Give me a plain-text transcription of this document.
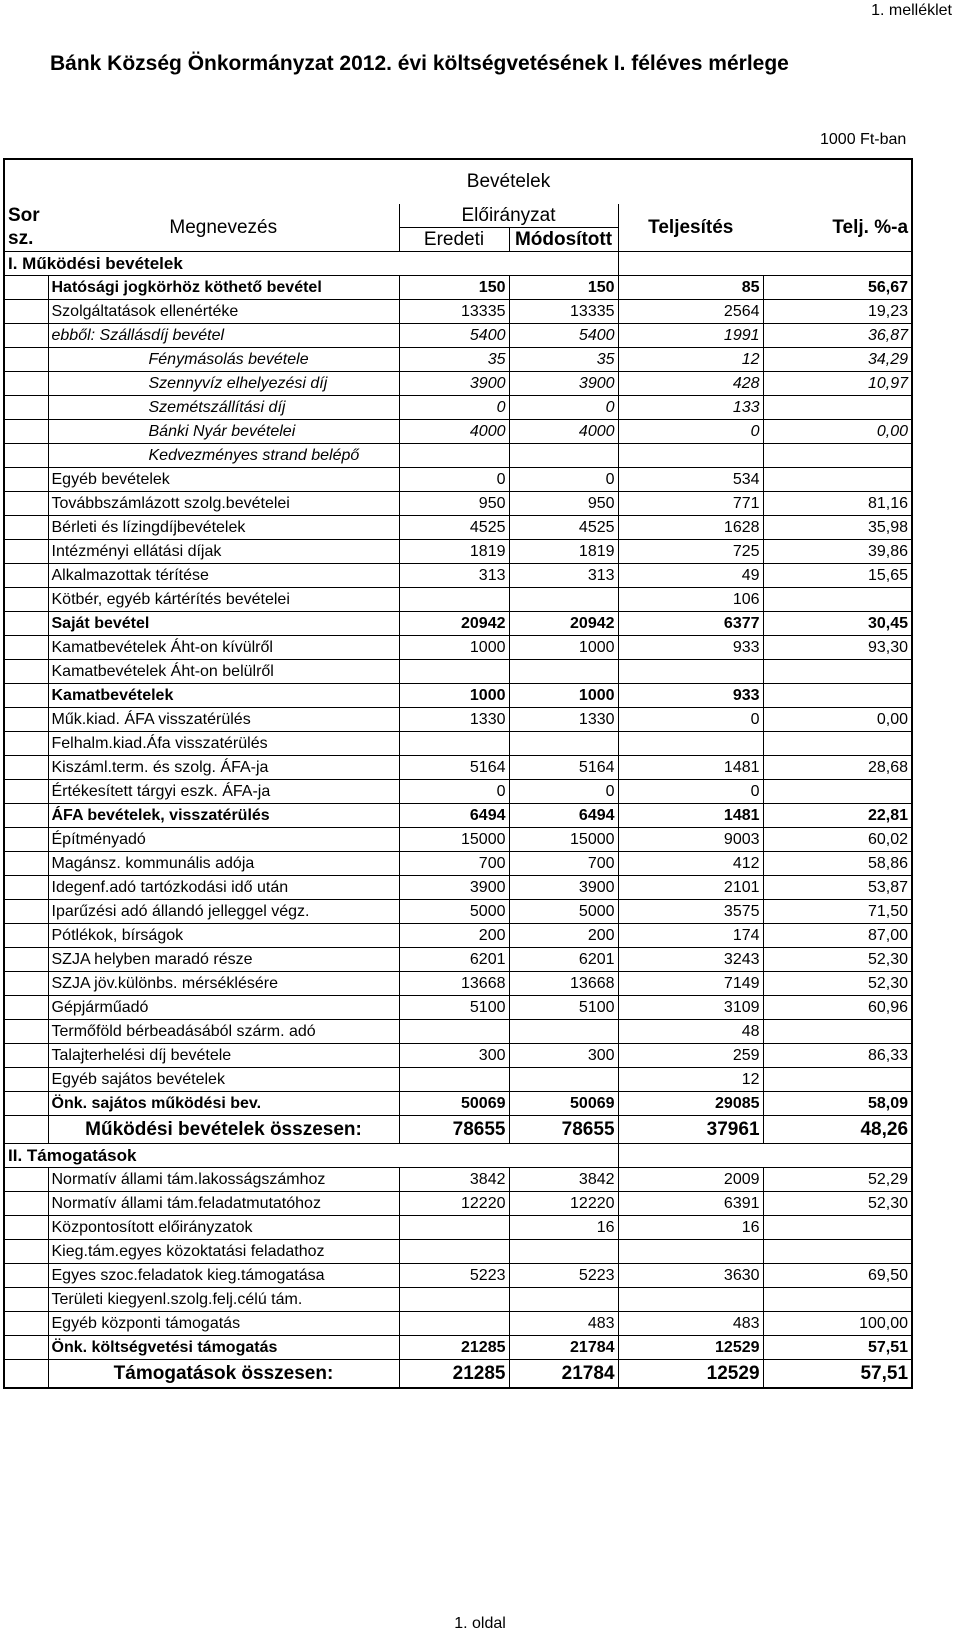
1. melléklet
Bánk Község Önkormányzat 2012. évi költségvetésének I. féléves mérlege
1000 Ft-ban
		Bevételek			
Sor	Megnevezés	Előirányzat		Teljesítés	Telj. %-a
sz.		Eredeti	Módosított		
I. Működési bevételek					
	Hatósági jogkörhöz köthető bevétel	150	150	85	56,67
	Szolgáltatások ellenértéke	13335	13335	2564	19,23
	ebből: Szállásdíj bevétel	5400	5400	1991	36,87
	Fénymásolás bevétele	35	35	12	34,29
	Szennyvíz elhelyezési díj	3900	3900	428	10,97
	Szemétszállítási díj	0	0	133	
	Bánki Nyár bevételei	4000	4000	0	0,00
	Kedvezményes strand belépő				
	Egyéb bevételek	0	0	534	
	Továbbszámlázott szolg.bevételei	950	950	771	81,16
	Bérleti és lízingdíjbevételek	4525	4525	1628	35,98
	Intézményi ellátási díjak	1819	1819	725	39,86
	Alkalmazottak térítése	313	313	49	15,65
	Kötbér, egyéb kártérítés bevételei			106	
	Saját bevétel	20942	20942	6377	30,45
	Kamatbevételek Áht-on kívülről	1000	1000	933	93,30
	Kamatbevételek Áht-on belülről				
	Kamatbevételek	1000	1000	933	
	Műk.kiad. ÁFA visszatérülés	1330	1330	0	0,00
	Felhalm.kiad.Áfa visszatérülés				
	Kiszáml.term. és szolg. ÁFA-ja	5164	5164	1481	28,68
	Értékesített tárgyi eszk. ÁFA-ja	0	0	0	
	ÁFA bevételek, visszatérülés	6494	6494	1481	22,81
	Építményadó	15000	15000	9003	60,02
	Magánsz. kommunális adója	700	700	412	58,86
	Idegenf.adó tartózkodási idő után	3900	3900	2101	53,87
	Iparűzési adó állandó jelleggel végz.	5000	5000	3575	71,50
	Pótlékok, bírságok	200	200	174	87,00
	SZJA helyben maradó része	6201	6201	3243	52,30
	SZJA jöv.különbs. mérséklésére	13668	13668	7149	52,30
	Gépjárműadó	5100	5100	3109	60,96
	Termőföld bérbeadásából szárm. adó			48	
	Talajterhelési díj bevétele	300	300	259	86,33
	Egyéb sajátos bevételek			12	
	Önk. sajátos működési bev.	50069	50069	29085	58,09
	Működési bevételek összesen:	78655	78655	37961	48,26
II. Támogatások					
	Normatív állami tám.lakosságszámhoz	3842	3842	2009	52,29
	Normatív állami tám.feladatmutatóhoz	12220	12220	6391	52,30
	Központosított előirányzatok		16	16	
	Kieg.tám.egyes közoktatási feladathoz				
	Egyes szoc.feladatok kieg.támogatása	5223	5223	3630	69,50
	Területi kiegyenl.szolg.felj.célú tám.				
	Egyéb központi támogatás		483	483	100,00
	Önk. költségvetési támogatás	21285	21784	12529	57,51
	Támogatások összesen:	21285	21784	12529	57,51
1. oldal
